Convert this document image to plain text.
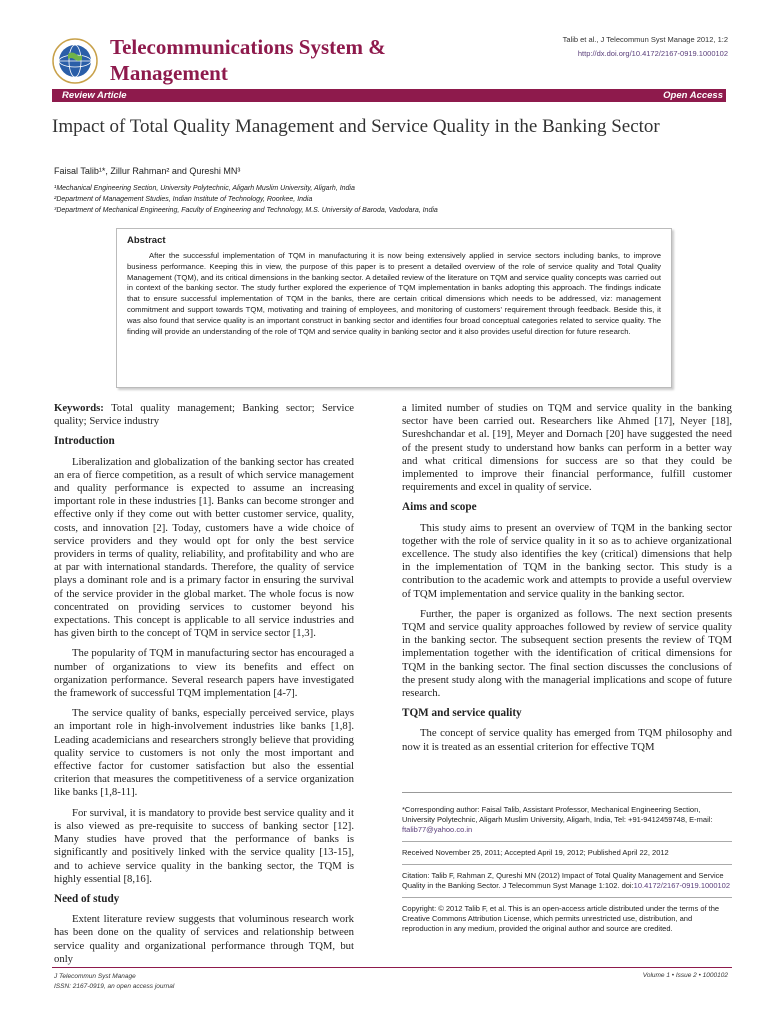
Telecommunications System & Management
Talib et al., J Telecommun Syst Manage 2012, 1:2
http://dx.doi.org/10.4172/2167-0919.1000102
Review Article	Open Access
Impact of Total Quality Management and Service Quality in the Banking Sector
Faisal Talib¹*, Zillur Rahman² and Qureshi MN³
¹Mechanical Engineering Section, University Polytechnic, Aligarh Muslim University, Aligarh, India
²Department of Management Studies, Indian Institute of Technology, Roorkee, India
³Department of Mechanical Engineering, Faculty of Engineering and Technology, M.S. University of Baroda, Vadodara, India
Abstract
After the successful implementation of TQM in manufacturing it is now being extensively applied in service sectors including banks, to improve business performance. Keeping this in view, the purpose of this paper is to present a detailed overview of the role of service quality and Total Quality Management (TQM), and its critical dimensions in the banking sector. A detailed review of the literature on TQM and service quality concepts was carried out in context of the banking sector. The study further explored the experience of TQM implementation in banks adopting this approach. The findings indicate that to ensure successful implementation of TQM in the banks, there are certain critical dimensions which needs to be addressed, viz: management commitment and support towards TQM, motivating and training of employees, and monitoring of customers’ requirement through feedback. Beside this, it was also found that service quality is an important construct in banking sector and identifies four broad conceptual categories related to service quality. The finding will provide an understanding of the role of TQM and service quality in banking sector and it also provides useful direction for future research.

Keywords: Total quality management; Banking sector; Service quality; Service industry

Introduction

Liberalization and globalization of the banking sector has created an era of fierce competition, as a result of which service management and quality performance is expected to assume an increasing important role in these industries [1]. Banks can become stronger and effective only if they come out with better customer service, quality, costs, and innovation [2]. Today, customers have a wide choice of service providers and they would opt for only the best service providers in terms of quality, reliability, and profitability and who are at par with international standards. Therefore, the quality of service plays a dominant role and is a primary factor in ensuring the survival of the service provider in the global market. The whole focus is now concentrated on providing services to customer beyond his expectations. This concept is applicable to all service industries and has given birth to the concept of TQM in service sector [1,3].

The popularity of TQM in manufacturing sector has encouraged a number of organizations to view its benefits and effect on organization performance. Several research papers have investigated the framework of successful TQM implementation [4-7].

The service quality of banks, especially perceived service, plays an important role in high-involvement industries like banks [1,8]. Leading academicians and researchers strongly believe that providing quality service to customers is not only the most important and effective factor for customer satisfaction but also the essential criterion that measures the competitiveness of a service organization like banks [1,8-11].

For survival, it is mandatory to provide best service quality and it is also viewed as pre-requisite to success of banking sector [12]. Many studies have proved that the performance of banks is significantly and positively linked with the service quality [13-15], and to achieve service quality in the banking sector, the TQM is highly essential [8,16].

Need of study

Extent literature review suggests that voluminous research work has been done on the quality of services and relationship between service quality and organizational performance through TQM, but only

a limited number of studies on TQM and service quality in the banking sector have been carried out. Researchers like Ahmed [17], Neyer [18], Sureshchandar et al. [19], Meyer and Dornach [20] have suggested the need of the present study to understand how banks can perform in a better way and what critical dimensions for success are so that they could be implemented to improve their financial performance, fulfill customer requirements and excel in quality of service.

Aims and scope

This study aims to present an overview of TQM in the banking sector together with the role of service quality in it so as to achieve organizational excellence. The study also identifies the key (critical) dimensions that help in the implementation of TQM in the banking sector. This study is a contribution to the academic work and attempts to provide a useful overview of TQM implementation and service quality in the banking sector.

Further, the paper is organized as follows. The next section presents TQM and service quality approaches followed by review of service quality in the banking sector. The subsequent section presents the review of TQM implementation together with the identification of critical dimensions for TQM in the banking sector. The final section discusses the conclusions of the present study along with the managerial implications and scope of future research.

TQM and service quality

The concept of service quality has emerged from TQM philosophy and now it is treated as an essential criterion for effective TQM

*Corresponding author: Faisal Talib, Assistant Professor, Mechanical Engineering Section, University Polytechnic, Aligarh Muslim University, Aligarh, India, Tel: +91-9412459748, E-mail: ftalib77@yahoo.co.in

Received November 25, 2011; Accepted April 19, 2012; Published April 22, 2012

Citation: Talib F, Rahman Z, Qureshi MN (2012) Impact of Total Quality Management and Service Quality in the Banking Sector. J Telecommun Syst Manage 1:102. doi:10.4172/2167-0919.1000102

Copyright: © 2012 Talib F, et al. This is an open-access article distributed under the terms of the Creative Commons Attribution License, which permits unrestricted use, distribution, and reproduction in any medium, provided the original author and source are credited.

J Telecommun Syst Manage
ISSN: 2167-0919, an open access journal
Volume 1 • Issue 2 • 1000102
